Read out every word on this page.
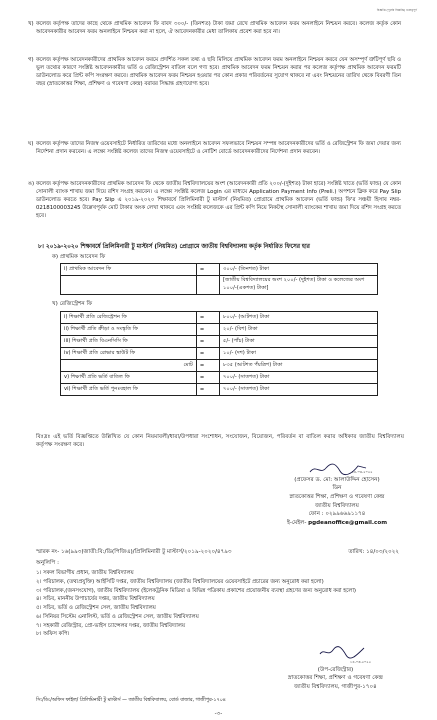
বিজ্ঞপ্তি (পূর্বের বিজ্ঞপ্তি) গুরুত্বপূর্ণ
খ) কলেজ কর্তৃপক্ষ তাদের কাছে থেকে প্রাথমিক আবেদন ফি বাবদ ৩০০/- (তিনশত) টাকা জমা রেখে প্রাথমিক আবেদন ফরম অনলাইনে নিশ্চয়ন করবে। কলেজ কর্তৃক কোন আবেদনকারীর আবেদন ফরম অনলাইনে নিশ্চয়ন করা না হলে, ঐ আবেদনকারীর মেধা তালিকায় প্রবেশ করা হবে না।
গ) কলেজ কর্তৃপক্ষ আবেদনকারীদের প্রাথমিক আবেদন ফরমে প্রদর্শিত সকল তথ্য ও ছবি মিলিয়ে প্রাথমিক আবেদন ফরম অনলাইনে নিশ্চয়ন করবে যেন অসম্পূর্ণ ত্রুটিপূর্ণ ছবি ও ভুল তথ্যের কারণে সংশ্লিষ্ট আবেদনকারীর ভর্তি ও রেজিস্ট্রেশন বাতিল বলে গণ্য হবে। প্রাথমিক আবেদন ফরম নিশ্চয়ন করার পর কলেজ কর্তৃপক্ষ প্রাথমিক আবেদন ফরমটি ডাউনলোড করে প্রিন্ট কপি সংরক্ষণ করবে। প্রাথমিক আবেদন ফরম নিশ্চয়ন হওয়ার পর কোন প্রকার পরিবর্তনের সুযোগ থাকবে না এবং নিশ্চয়নের তারিখ থেকে বিবরণী তিন বছর (স্নাতকোত্তর শিক্ষা, প্রশিক্ষণ ও গবেষণা কেন্দ্র) বরাবর সিদ্ধান্ত গ্রহণযোগ্য হবে।
ঘ) কলেজ কর্তৃপক্ষ তাদের নিজস্ব ওয়েবসাইটে নির্ধারিত তারিখের মধ্যে অনলাইনে আবেদন সফলভাবে নিশ্চয়ন সম্পন্ন আবেদনকারীদের ভর্তি ও রেজিস্ট্রেশন ফি জমা দেয়ার জন্য নির্দেশনা প্রদান করবেন। এ লক্ষ্যে সংশ্লিষ্ট কলেজ তাদের নিজস্ব ওয়েবসাইটে ও নোটিশ বোর্ডে আবেদনকারীদের নির্দেশনা প্রদান করবেন।
ঙ) কলেজ কর্তৃপক্ষ আবেদনকারীদের প্রাথমিক আবেদন ফি থেকে জাতীয় বিশ্ববিদ্যালয়ের অংশ (আবেদনকারী প্রতি ২০০/-(দুইশত) টাকা হারে) সংশ্লিষ্ট খাতে (ভর্তি ফান্ড) যে কোন সোনালী ব্যাংক শাখায় জমা দিয়ে রশিদ সংগ্রহ করবেন। এ লক্ষ্যে সংশ্লিষ্ট কলেজ Login এর মাধ্যমে Application Payment Info (Preli.) অপশনে ক্লিক করে Pay Slip ডাউনলোড করতে হবে। Pay Slip এ ২০১৯-২০২০ শিক্ষাবর্ষে প্রিলিমিনারী টু মাস্টার্স (নিয়মিত) প্রোগ্রামে প্রাথমিক আবেদন (ভর্তি ফান্ড) ফি'র সঞ্চয়ী হিসাব নম্বর- 0218100003245 উল্লেখপূর্বক মোট টাকার অংক লেখা থাকবে এবং সংশ্লিষ্ট কলেজকে এর প্রিন্ট কপি নিয়ে নিকটস্থ সোনালী ব্যাংকের শাখায় জমা দিয়ে রশিদ সংগ্রহ করতে হবে।
৮। ২০১৯-২০২০ শিক্ষাবর্ষে প্রিলিমিনারী টু মাস্টার্স (নিয়মিত) প্রোগ্রামে জাতীয় বিশ্ববিদ্যালয় কর্তৃক নির্ধারিত ফিসের হার
ক) প্রাথমিক আবেদন ফি
i) প্রাথমিক আবেদন ফি	=	৩০০/- (তিনশত) টাকা
		[জাতীয় বিশ্ববিদ্যালয়ের অংশ ২০০/- (দুইশত) টাকা ও কলেজের অংশ ১০০/-(একশত) টাকা]
খ) রেজিস্ট্রেশন ফি
i) শিক্ষার্থী প্রতি রেজিস্ট্রেশন ফি	=	৮০০/- (আটশত) টাকা
ii) শিক্ষার্থী প্রতি ক্রীড়া ও সংস্কৃতি ফি	=	২০/- (বিশ) টাকা
iii) শিক্ষার্থী প্রতি বিএনসিসি ফি	=	৫/- (পাঁচ) টাকা
iv) শিক্ষার্থী প্রতি রোভার স্কাউট ফি	=	১০/- (দশ) টাকা
মোট	=	৮৩৫ (আটশত পঁয়ত্রিশ) টাকা
v) শিক্ষার্থী প্রতি ভর্তি বাতিল ফি	=	৭০০/- (সাতশত) টাকা
vi) শিক্ষার্থী প্রতি ভর্তি পুনঃবহাল ফি	=	৭০০/- (সাতশত) টাকা
বিঃদ্রঃ এই ভর্তি বিজ্ঞপ্তিতে উল্লিখিত যে কোন নিয়মাবলী/ধারা/উপধারা সংশোধন, সংযোজন, বিয়োজন, পরিবর্তন বা বাতিল করার অধিকার জাতীয় বিশ্ববিদ্যালয় কর্তৃপক্ষ সংরক্ষণ করে।
১৪.০৩.২০২২
(প্রফেসর ড. মো: আলাউদ্দিন হোসেন)
ডিন
স্নাতকোত্তর শিক্ষা, প্রশিক্ষণ ও গবেষণা কেন্দ্র
জাতীয় বিশ্ববিদ্যালয়
ফোন : ০২৯৯৬৬৯১১৭৪
ই-মেইল- pgdeanoffice@gmail.com
স্মারক নং- ১৬(৯৯৩)জাতী:বি:/ডি(পিজিএ)/প্রিলিমিনারী টু মাস্টার্স/২০১৯-২০২০/৪৭৯৩	তারিখ: ১৪/০৩/২০২২
অনুলিপি :
১। সকল বিভাগীয় প্রধান, জাতীয় বিশ্ববিদ্যালয়
২। পরিচালক, (তথ্যপ্রযুক্তি) আইসিটি দপ্তর, জাতীয় বিশ্ববিদ্যালয় (জাতীয় বিশ্ববিদ্যালয়ের ওয়েবসাইটে প্রচারের জন্য অনুরোধ করা হলো)
৩। পরিচালক,(জনসংযোগ), জাতীয় বিশ্ববিদ্যালয় (ইলেকট্রনিক মিডিয়া ও বিভিন্ন পত্রিকায় প্রকাশের প্রয়োজনীয় ব্যবস্থা গ্রহণের জন্য অনুরোধ করা হলো)
৪। সচিব, মাননীয় উপাচার্যের দপ্তর, জাতীয় বিশ্ববিদ্যালয়
৫। সচিব, ভর্তি ও রেজিস্ট্রেশন সেল, জাতীয় বিশ্ববিদ্যালয়
৬। সিনিয়র সিস্টেম এনালিস্ট, ভর্তি ও রেজিস্ট্রেশন সেল, জাতীয় বিশ্ববিদ্যালয়
৭। সহকারী রেজিস্ট্রার, প্রো-ভাইস চ্যান্সেলর দপ্তর, জাতীয় বিশ্ববিদ্যালয়
৮। অফিস কপি।
১৪.০৩.২০২২
(উপ-রেজিস্ট্রার)
স্নাতকোত্তর শিক্ষা, প্রশিক্ষণ ও গবেষণা কেন্দ্র
জাতীয় বিশ্ববিদ্যালয়, গাজীপুর-১৭০৪
সি:/ডি:/অফিস ফাইল/ প্রিলিমিনারী টু মাস্টার্স — জাতীয় বিশ্ববিদ্যালয়, বোর্ড বাজার, গাজীপুর-১৭০৪
-৩-
